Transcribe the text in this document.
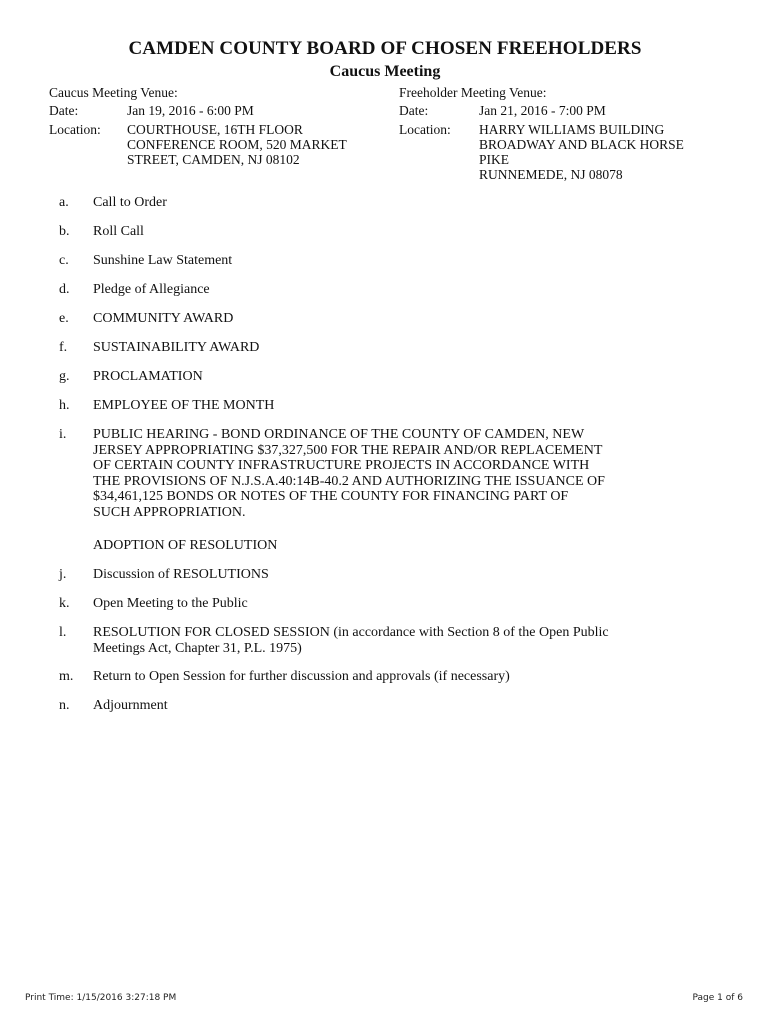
CAMDEN COUNTY BOARD OF CHOSEN FREEHOLDERS
Caucus Meeting
Caucus Meeting Venue:
Date:	Jan 19, 2016 - 6:00 PM
Location:	COURTHOUSE, 16TH FLOOR
CONFERENCE ROOM, 520 MARKET
STREET, CAMDEN, NJ 08102
Freeholder Meeting Venue:
Date:	Jan 21, 2016 - 7:00 PM
Location:	HARRY WILLIAMS BUILDING
BROADWAY AND BLACK HORSE
PIKE
RUNNEMEDE, NJ 08078
a.	Call to Order
b.	Roll Call
c.	Sunshine Law Statement
d.	Pledge of Allegiance
e.	COMMUNITY AWARD
f.	SUSTAINABILITY AWARD
g.	PROCLAMATION
h.	EMPLOYEE OF THE MONTH
i.	PUBLIC HEARING - BOND ORDINANCE OF THE COUNTY OF CAMDEN, NEW
JERSEY APPROPRIATING $37,327,500 FOR THE REPAIR AND/OR REPLACEMENT
OF CERTAIN COUNTY INFRASTRUCTURE PROJECTS IN ACCORDANCE WITH
THE PROVISIONS OF N.J.S.A.40:14B-40.2 AND AUTHORIZING THE ISSUANCE OF
$34,461,125 BONDS OR NOTES OF THE COUNTY FOR FINANCING PART OF
SUCH APPROPRIATION.
ADOPTION OF RESOLUTION
j.	Discussion of RESOLUTIONS
k.	Open Meeting to the Public
l.	RESOLUTION FOR CLOSED SESSION (in accordance with Section 8 of the Open Public
Meetings Act, Chapter 31, P.L. 1975)
m.	Return to Open Session for further discussion and approvals (if necessary)
n.	Adjournment
Print Time: 1/15/2016 3:27:18 PM	Page 1 of 6
